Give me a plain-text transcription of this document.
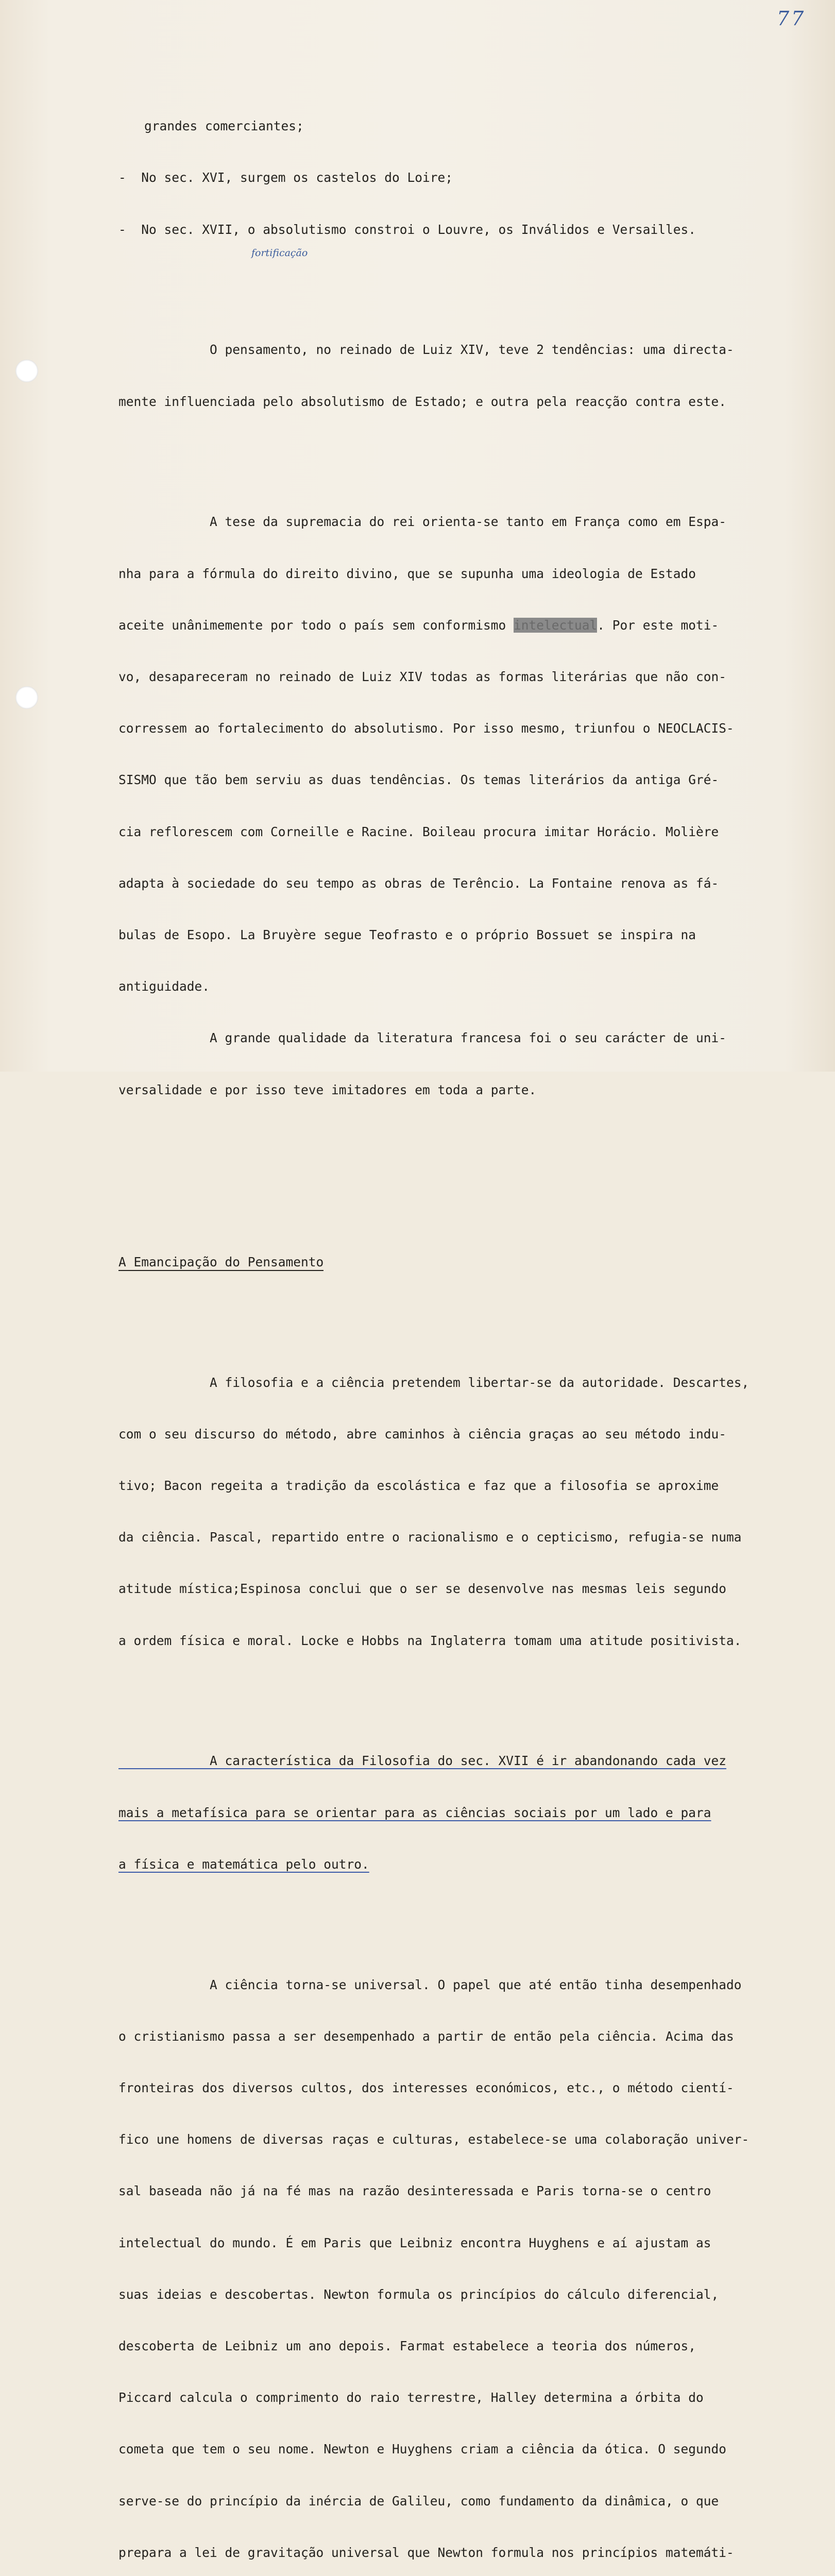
77

grandes comerciantes;

-  No sec. XVI, surgem os castelos do Loire;

-  No sec. XVII, o absolutismo constroi o Louvre, os Inválidos e Versailles.

O pensamento, no reinado de Luiz XIV, teve 2 tendências: uma directa-

mente influenciada pelo absolutismo de Estado; e outra pela reacção contra este.

A tese da supremacia do rei orienta-se tanto em França como em Espa-

nha para a fórmula do direito divino, que se supunha uma ideologia de Estado

aceite unânimemente por todo o país sem conformismo intelectual. Por este moti-

vo, desapareceram no reinado de Luiz XIV todas as formas literárias que não con-

corressem ao fortalecimento do absolutismo. Por isso mesmo, triunfou o NEOCLACIS-

SISMO que tão bem serviu as duas tendências. Os temas literários da antiga Gré-

cia reflorescem com Corneille e Racine. Boileau procura imitar Horácio. Molière

adapta à sociedade do seu tempo as obras de Terêncio. La Fontaine renova as fá-

bulas de Esopo. La Bruyère segue Teofrasto e o próprio Bossuet se inspira na

antiguidade.

A grande qualidade da literatura francesa foi o seu carácter de uni-

versalidade e por isso teve imitadores em toda a parte.

A Emancipação do Pensamento

A filosofia e a ciência pretendem libertar-se da autoridade. Descartes,

com o seu discurso do método, abre caminhos à ciência graças ao seu método indu-

tivo; Bacon regeita a tradição da escolástica e faz que a filosofia se aproxime

da ciência. Pascal, repartido entre o racionalismo e o cepticismo, refugia-se numa

atitude mística;Espinosa conclui que o ser se desenvolve nas mesmas leis segundo

a ordem física e moral. Locke e Hobbs na Inglaterra tomam uma atitude positivista.

A característica da Filosofia do sec. XVII é ir abandonando cada vez

mais a metafísica para se orientar para as ciências sociais por um lado e para

a física e matemática pelo outro.

A ciência torna-se universal. O papel que até então tinha desempenhado

o cristianismo passa a ser desempenhado a partir de então pela ciência. Acima das

fronteiras dos diversos cultos, dos interesses económicos, etc., o método cientí-

fico une homens de diversas raças e culturas, estabelece-se uma colaboração univer-

sal baseada não já na fé mas na razão desinteressada e Paris torna-se o centro

intelectual do mundo. É em Paris que Leibniz encontra Huyghens e aí ajustam as

suas ideias e descobertas. Newton formula os princípios do cálculo diferencial,

descoberta de Leibniz um ano depois. Farmat estabelece a teoria dos números,

Piccard calcula o comprimento do raio terrestre, Halley determina a órbita do

cometa que tem o seu nome. Newton e Huyghens criam a ciência da ótica. O segundo

serve-se do princípio da inércia de Galileu, como fundamento da dinâmica, o que

prepara a lei de gravitação universal que Newton formula nos princípios matemáti-

fortificação
